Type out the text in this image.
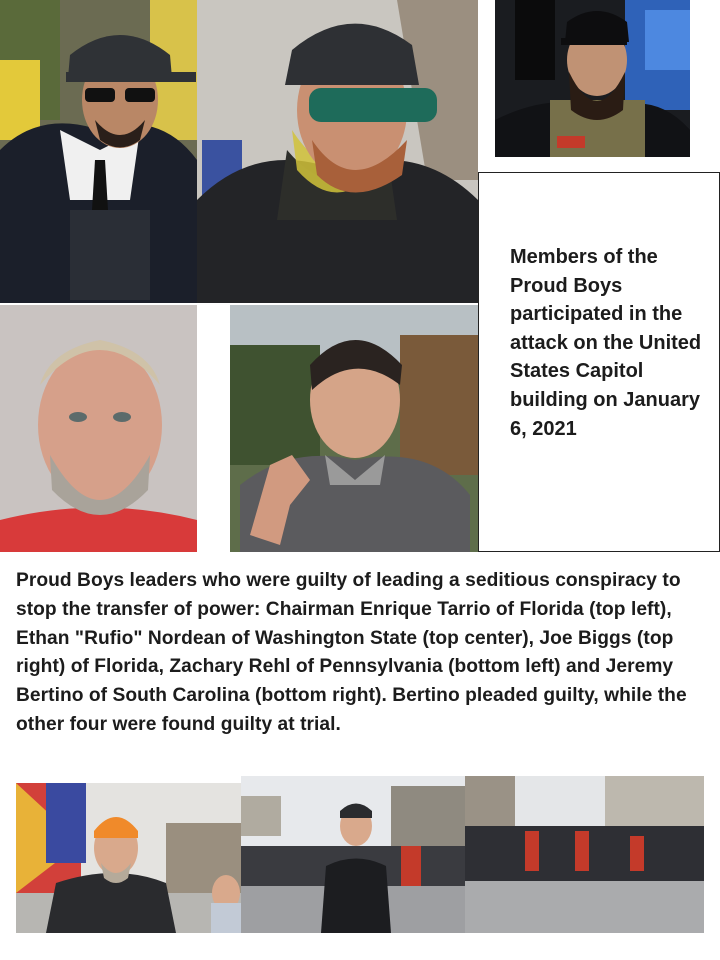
Members of the Proud Boys participated in the attack on the United States Capitol building on January 6, 2021
Proud Boys leaders who were guilty of leading a seditious conspiracy to stop the transfer of power: Chairman Enrique Tarrio of Florida (top left), Ethan "Rufio" Nordean of Washington State (top center), Joe Biggs (top right) of Florida, Zachary Rehl of Pennsylvania (bottom left) and Jeremy Bertino of South Carolina (bottom right). Bertino pleaded guilty, while the other four were found guilty at trial.
